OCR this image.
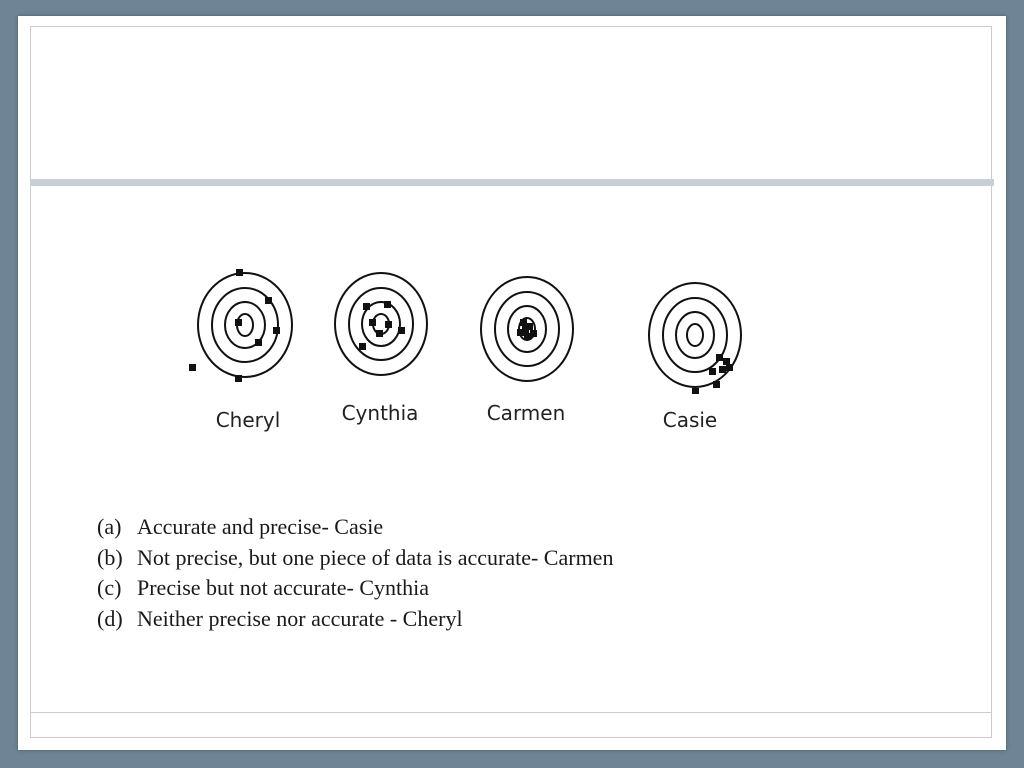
Cheryl	Cynthia	Carmen	Casie
(a) Accurate and precise- Casie
(b) Not precise, but one piece of data is accurate- Carmen
(c) Precise but not accurate- Cynthia
(d) Neither precise nor accurate - Cheryl
